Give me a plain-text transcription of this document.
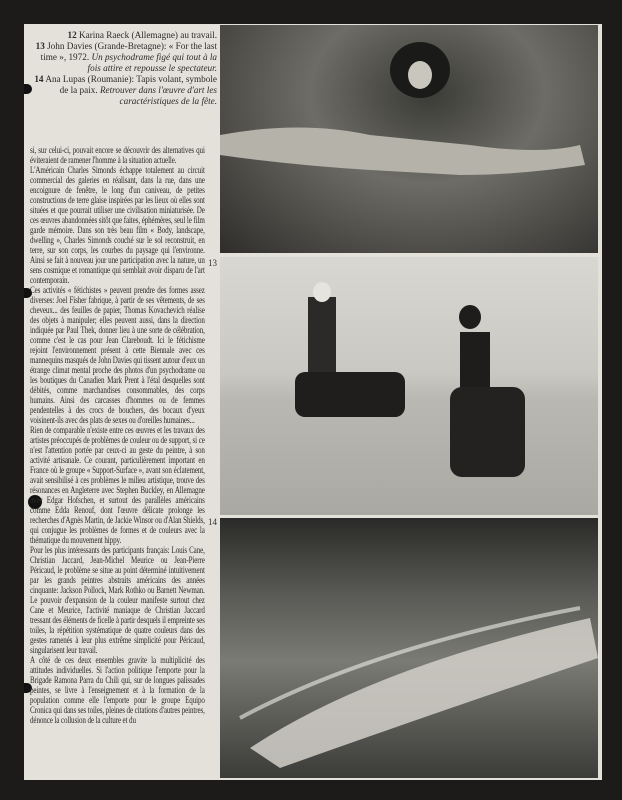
12 Karina Raeck (Allemagne) au travail.
13 John Davies (Grande-Bretagne): « For the last time », 1972. Un psychodrame figé qui tout à la fois attire et repousse le spectateur.
14 Ana Lupas (Roumanie): Tapis volant, symbole de la paix. Retrouver dans l'œuvre d'art les caractéristiques de la fête.

si, sur celui-ci, pouvait encore se découvrir des alternatives qui éviteraient de ramener l'homme à la situation actuelle.

L'Américain Charles Simonds échappe totalement au circuit commercial des galeries en réalisant, dans la rue, dans une encoignure de fenêtre, le long d'un caniveau, de petites constructions de terre glaise inspirées par les lieux où elles sont situées et que pourrait utiliser une civilisation miniaturisée. De ces œuvres abandonnées sitôt que faites, éphémères, seul le film garde mémoire. Dans son très beau film « Body, landscape, dwelling », Charles Simonds couché sur le sol reconstruit, en terre, sur son corps, les courbes du paysage qui l'environne. Ainsi se fait à nouveau jour une participation avec la nature, un sens cosmique et romantique qui semblait avoir disparu de l'art contemporain.

Ces activités « fétichistes » peuvent prendre des formes assez diverses: Joel Fisher fabrique, à partir de ses vêtements, de ses cheveux... des feuilles de papier, Thomas Kovachevich réalise des objets à manipuler; elles peuvent aussi, dans la direction indiquée par Paul Thek, donner lieu à une sorte de célébration, comme c'est le cas pour Jean Clareboudt. Ici le fétichisme rejoint l'environnement présent à cette Biennale avec ces mannequins masqués de John Davies qui tissent autour d'eux un étrange climat mental proche des photos d'un psychodrame ou les boutiques du Canadien Mark Prent à l'étal desquelles sont débités, comme marchandises consommables, des corps humains. Ainsi des carcasses d'hommes ou de femmes pendentelles à des crocs de bouchers, des bocaux d'yeux voisinent-ils avec des plats de sexes ou d'oreilles humaines...

Rien de comparable n'existe entre ces œuvres et les travaux des artistes préoccupés de problèmes de couleur ou de support, si ce n'est l'attention portée par ceux-ci au geste du peintre, à son activité artisanale. Ce courant, particulièrement important en France où le groupe « Support-Surface », avant son éclatement, avait sensibilisé à ces problèmes le milieu artistique, trouve des résonances en Angleterre avec Stephen Buckley, en Allemagne avec Edgar Hofschen, et surtout des parallèles américains comme Edda Renouf, dont l'œuvre délicate prolonge les recherches d'Agnès Martin, de Jackie Winsor ou d'Alan Shields, qui conjugue les problèmes de formes et de couleurs avec la thématique du mouvement hippy.

Pour les plus intéressants des participants français: Louis Cane, Christian Jaccard, Jean-Michel Meurice ou Jean-Pierre Péricaud, le problème se situe au point déterminé intuitivement par les grands peintres abstraits américains des années cinquante: Jackson Pollock, Mark Rothko ou Barnett Newman. Le pouvoir d'expansion de la couleur manifeste surtout chez Cane et Meurice, l'activité maniaque de Christian Jaccard tressant des éléments de ficelle à partir desquels il empreinte ses toiles, la répétition systématique de quatre couleurs dans des gestes ramenés à leur plus extrême simplicité pour Péricaud, singularisent leur travail.

A côté de ces deux ensembles gravite la multiplicité des attitudes individuelles. Si l'action politique l'emporte pour la Brigade Ramona Parra du Chili qui, sur de longues palissades peintes, se livre à l'enseignement et à la formation de la population comme elle l'emporte pour le groupe Equipo Cronica qui dans ses toiles, pleines de citations d'autres peintres, dénonce la collusion de la culture et du

13
14
